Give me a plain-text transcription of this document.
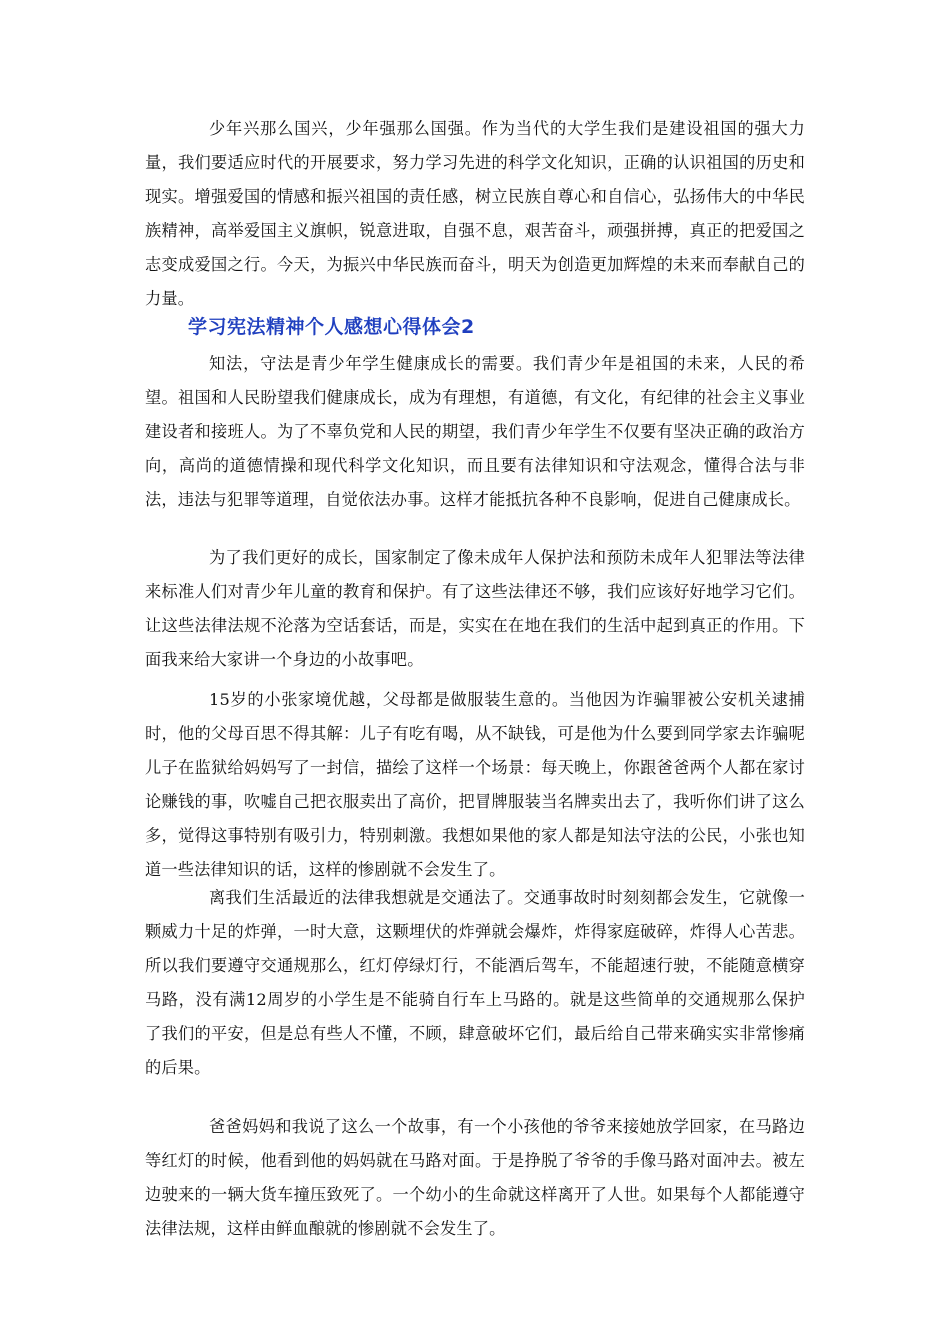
少年兴那么国兴，少年强那么国强。作为当代的大学生我们是建设祖国的强大力量，我们要适应时代的开展要求，努力学习先进的科学文化知识，正确的认识祖国的历史和现实。增强爱国的情感和振兴祖国的责任感，树立民族自尊心和自信心，弘扬伟大的中华民族精神，高举爱国主义旗帜，锐意进取，自强不息，艰苦奋斗，顽强拼搏，真正的把爱国之志变成爱国之行。今天，为振兴中华民族而奋斗，明天为创造更加辉煌的未来而奉献自己的力量。

学习宪法精神个人感想心得体会2

知法，守法是青少年学生健康成长的需要。我们青少年是祖国的未来，人民的希望。祖国和人民盼望我们健康成长，成为有理想，有道德，有文化，有纪律的社会主义事业建设者和接班人。为了不辜负党和人民的期望，我们青少年学生不仅要有坚决正确的政治方向，高尚的道德情操和现代科学文化知识，而且要有法律知识和守法观念，懂得合法与非法，违法与犯罪等道理，自觉依法办事。这样才能抵抗各种不良影响，促进自己健康成长。

为了我们更好的成长，国家制定了像未成年人保护法和预防未成年人犯罪法等法律来标准人们对青少年儿童的教育和保护。有了这些法律还不够，我们应该好好地学习它们。让这些法律法规不沦落为空话套话，而是，实实在在地在我们的生活中起到真正的作用。下面我来给大家讲一个身边的小故事吧。

15岁的小张家境优越，父母都是做服装生意的。当他因为诈骗罪被公安机关逮捕时，他的父母百思不得其解：儿子有吃有喝，从不缺钱，可是他为什么要到同学家去诈骗呢儿子在监狱给妈妈写了一封信，描绘了这样一个场景：每天晚上，你跟爸爸两个人都在家讨论赚钱的事，吹嘘自己把衣服卖出了高价，把冒牌服装当名牌卖出去了，我听你们讲了这么多，觉得这事特别有吸引力，特别刺激。我想如果他的家人都是知法守法的公民，小张也知道一些法律知识的话，这样的惨剧就不会发生了。

离我们生活最近的法律我想就是交通法了。交通事故时时刻刻都会发生，它就像一颗威力十足的炸弹，一时大意，这颗埋伏的炸弹就会爆炸，炸得家庭破碎，炸得人心苦悲。所以我们要遵守交通规那么，红灯停绿灯行，不能酒后驾车，不能超速行驶，不能随意横穿马路，没有满12周岁的小学生是不能骑自行车上马路的。就是这些简单的交通规那么保护了我们的平安，但是总有些人不懂，不顾，肆意破坏它们，最后给自己带来确实实非常惨痛的后果。

爸爸妈妈和我说了这么一个故事，有一个小孩他的爷爷来接她放学回家，在马路边等红灯的时候，他看到他的妈妈就在马路对面。于是挣脱了爷爷的手像马路对面冲去。被左边驶来的一辆大货车撞压致死了。一个幼小的生命就这样离开了人世。如果每个人都能遵守法律法规，这样由鲜血酿就的惨剧就不会发生了。
